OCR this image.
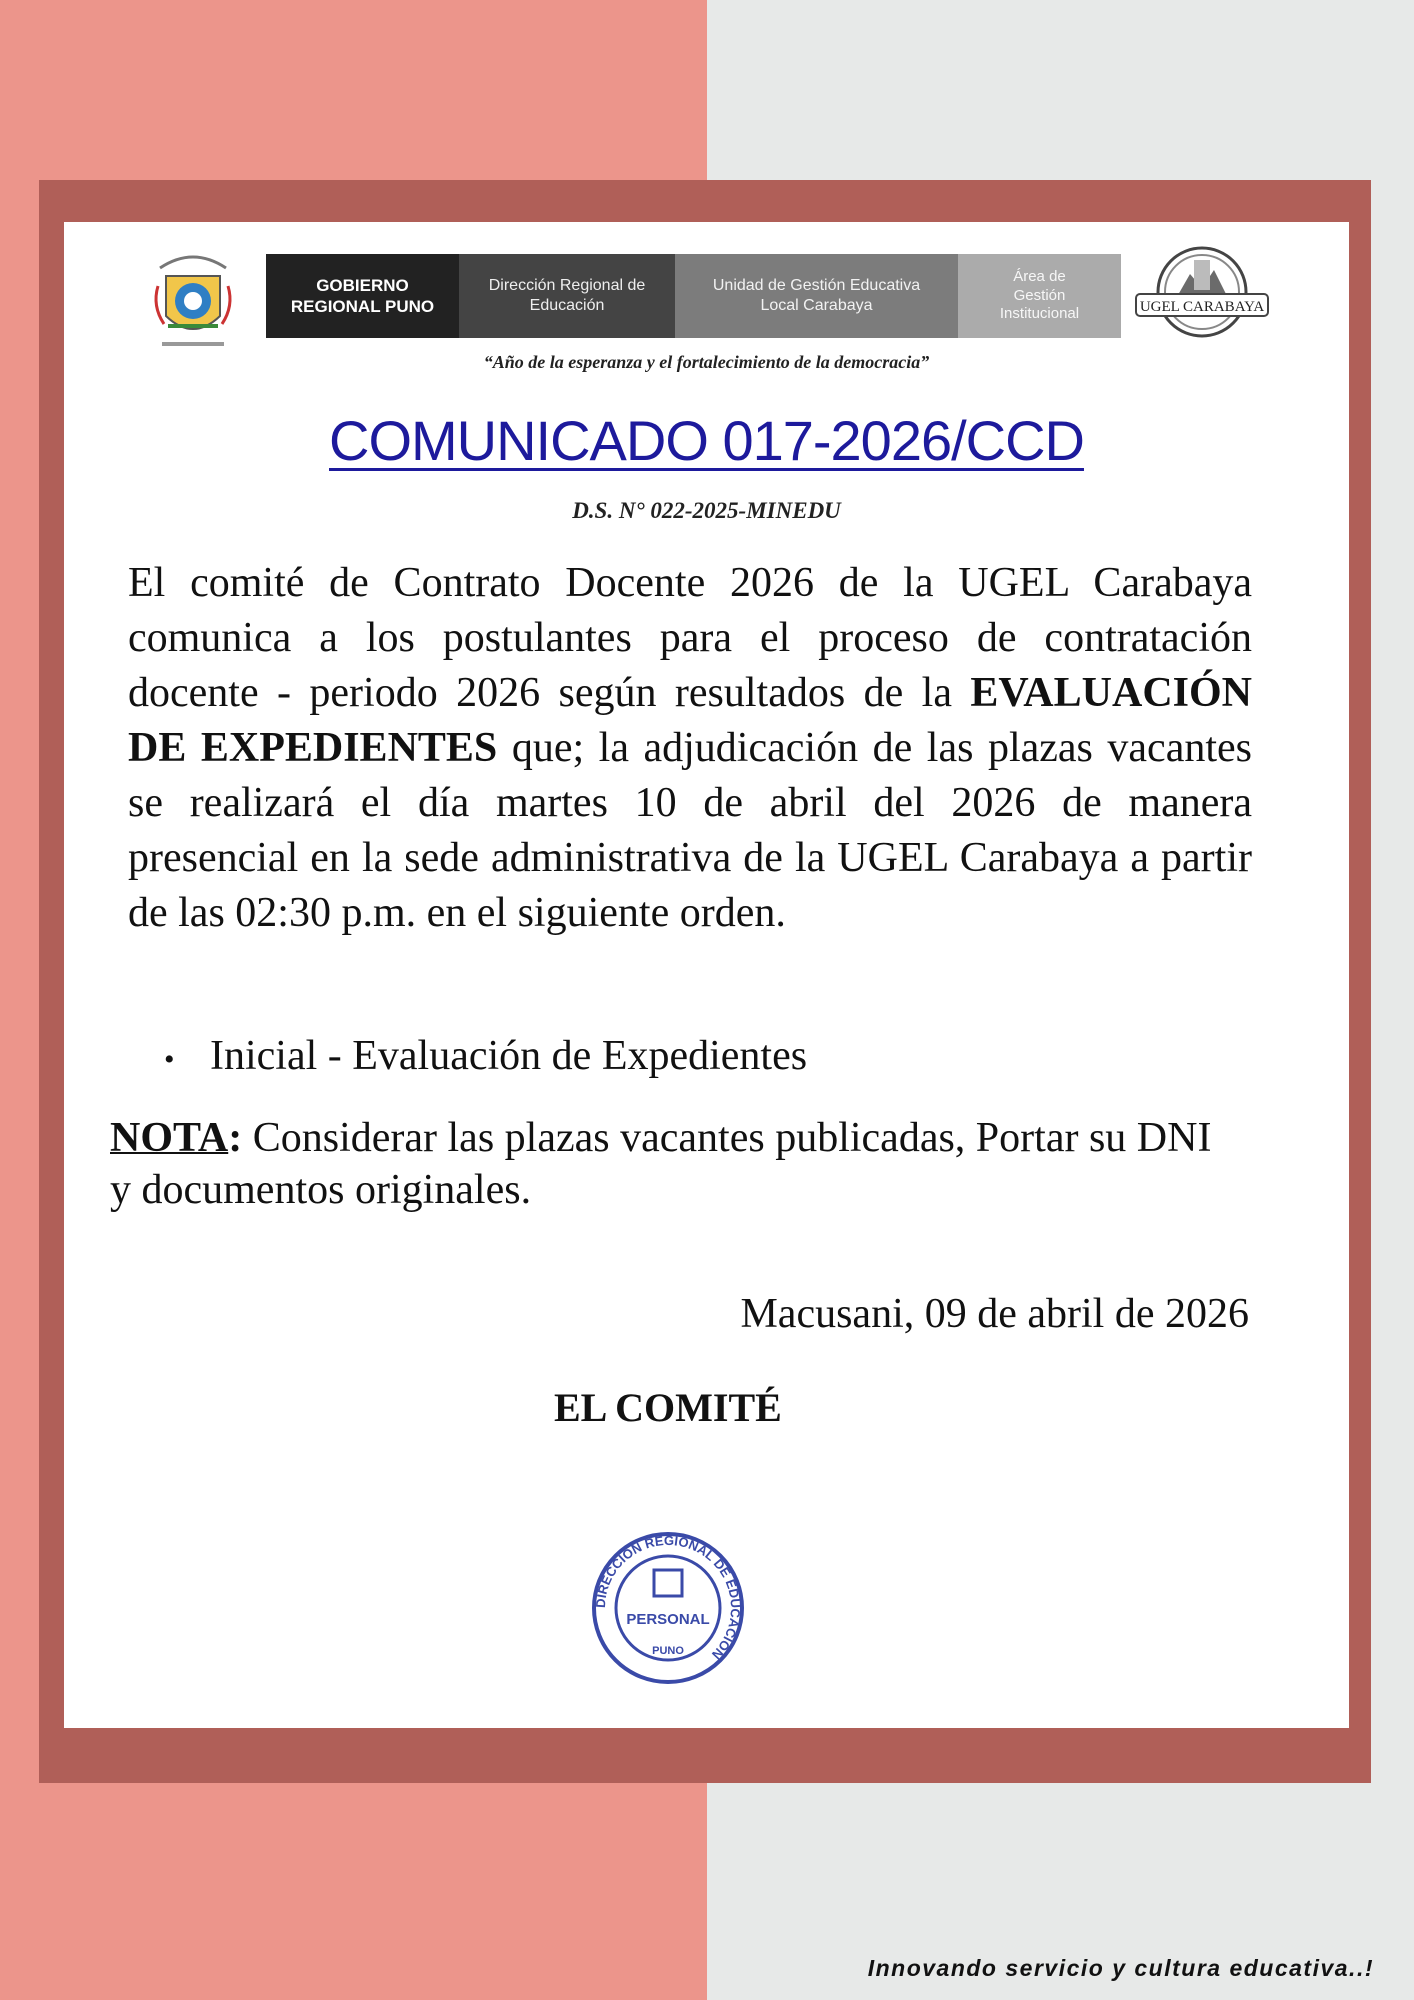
GOBIERNO
REGIONAL PUNO
Dirección Regional de
Educación
Unidad de Gestión Educativa
Local Carabaya
Área de
Gestión
Institucional	UGEL CARABAYA
“Año de la esperanza y el fortalecimiento de la democracia”
COMUNICADO 017-2026/CCD
D.S. N° 022-2025-MINEDU
El comité de Contrato Docente 2026 de la UGEL Carabaya comunica a los postulantes para el proceso de contratación docente - periodo 2026 según resultados de la EVALUACIÓN DE EXPEDIENTES que; la adjudicación de las plazas vacantes se realizará el día martes 10 de abril del 2026 de manera presencial en la sede administrativa de la UGEL Carabaya a partir de las 02:30 p.m. en el siguiente orden.
• Inicial - Evaluación de Expedientes
NOTA: Considerar las plazas vacantes publicadas, Portar su DNI y documentos originales.
Macusani, 09 de abril de 2026
EL COMITÉ
DIRECCIÓN REGIONAL DE EDUCACIÓN
PERSONAL
PUNO
Innovando servicio y cultura educativa..!
